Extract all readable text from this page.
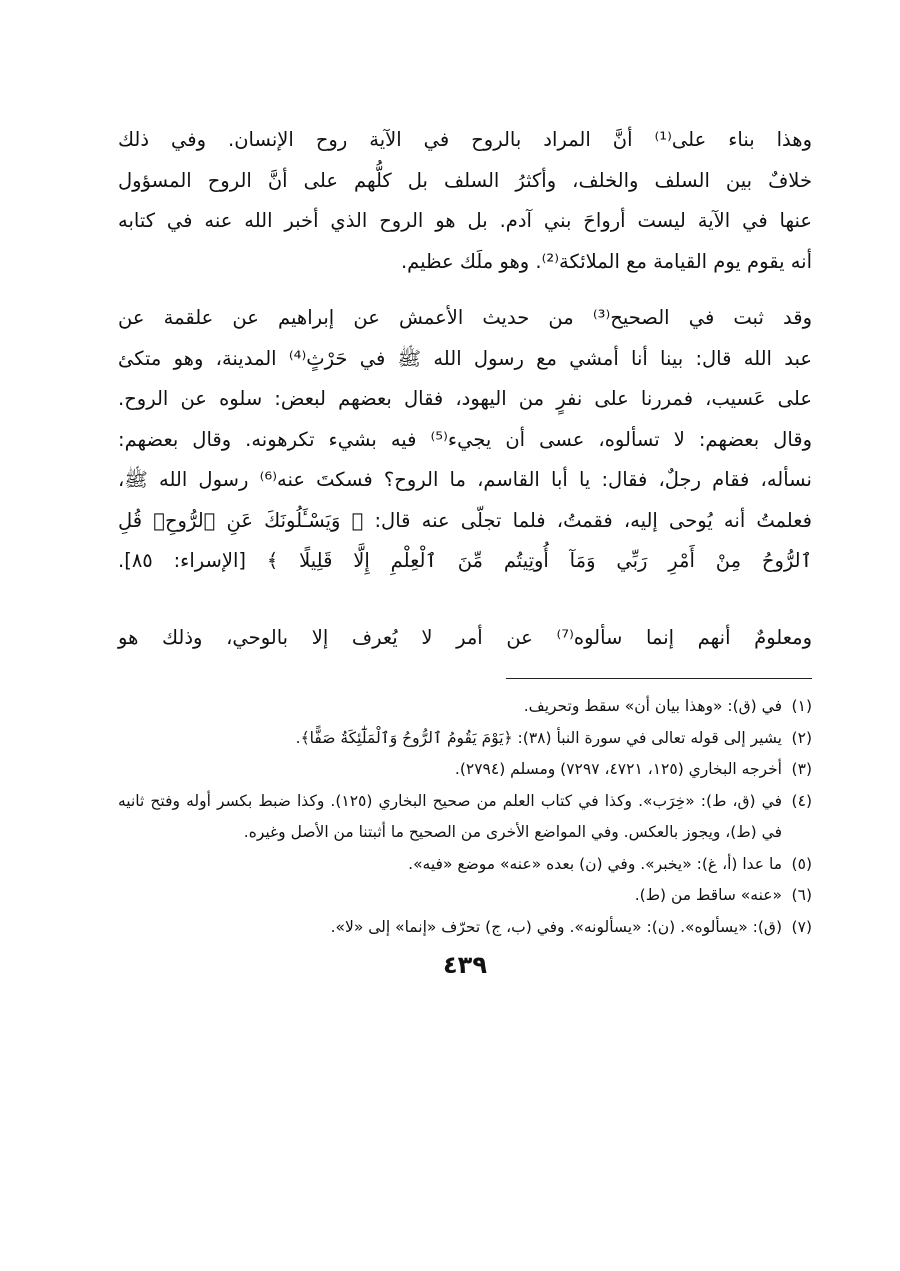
وهذا بناء على⁽¹⁾ أنَّ المراد بالروح في الآية روح الإنسان. وفي ذلك
خلافٌ بين السلف والخلف، وأكثرُ السلف بل كلُّهم على أنَّ الروح المسؤول
عنها في الآية ليست أرواحَ بني آدم. بل هو الروح الذي أخبر الله عنه في كتابه
أنه يقوم يوم القيامة مع الملائكة⁽²⁾. وهو ملَك عظيم.
وقد ثبت في الصحيح⁽³⁾ من حديث الأعمش عن إبراهيم عن علقمة عن
عبد الله قال: بينا أنا أمشي مع رسول الله ﷺ في حَرْثٍ⁽⁴⁾ المدينة، وهو متكئ
على عَسيب، فمررنا على نفرٍ من اليهود، فقال بعضهم لبعض: سلوه عن الروح.
وقال بعضهم: لا تسألوه، عسى أن يجيء⁽⁵⁾ فيه بشيء تكرهونه. وقال بعضهم:
نسأله، فقام رجلٌ، فقال: يا أبا القاسم، ما الروح؟ فسكتَ عنه⁽⁶⁾ رسول الله ﷺ،
فعلمتُ أنه يُوحى إليه، فقمتُ، فلما تجلّى عنه قال: ﴿ وَيَسْـَٔلُونَكَ عَنِ ٱلرُّوحِۖ قُلِ
ٱلرُّوحُ مِنْ أَمْرِ رَبِّي وَمَآ أُوتِيتُم مِّنَ ٱلْعِلْمِ إِلَّا قَلِيلًا ﴾ [الإسراء: ٨٥].
ومعلومٌ أنهم إنما سألوه⁽⁷⁾ عن أمر لا يُعرف إلا بالوحي، وذلك هو
(١)
في (ق): «وهذا بيان أن» سقط وتحريف.
(٢)
يشير إلى قوله تعالى في سورة النبأ (٣٨): ﴿يَوْمَ يَقُومُ ٱلرُّوحُ وَٱلْمَلَٰٓئِكَةُ صَفًّا﴾.
(٣)
أخرجه البخاري (١٢٥، ٤٧٢١، ٧٢٩٧) ومسلم (٢٧٩٤).
(٤)
في (ق، ط): «خِرَب». وكذا في كتاب العلم من صحيح البخاري (١٢٥). وكذا ضبط بكسر أوله وفتح ثانيه في (ط)، ويجوز بالعكس. وفي المواضع الأخرى من الصحيح ما أثبتنا من الأصل وغيره.
(٥)
ما عدا (أ، غ): «يخبر». وفي (ن) بعده «عنه» موضع «فيه».
(٦)
«عنه» ساقط من (ط).
(٧)
(ق): «يسألوه». (ن): «يسألونه». وفي (ب، ج) تحرّف «إنما» إلى «لا».
٤٣٩
